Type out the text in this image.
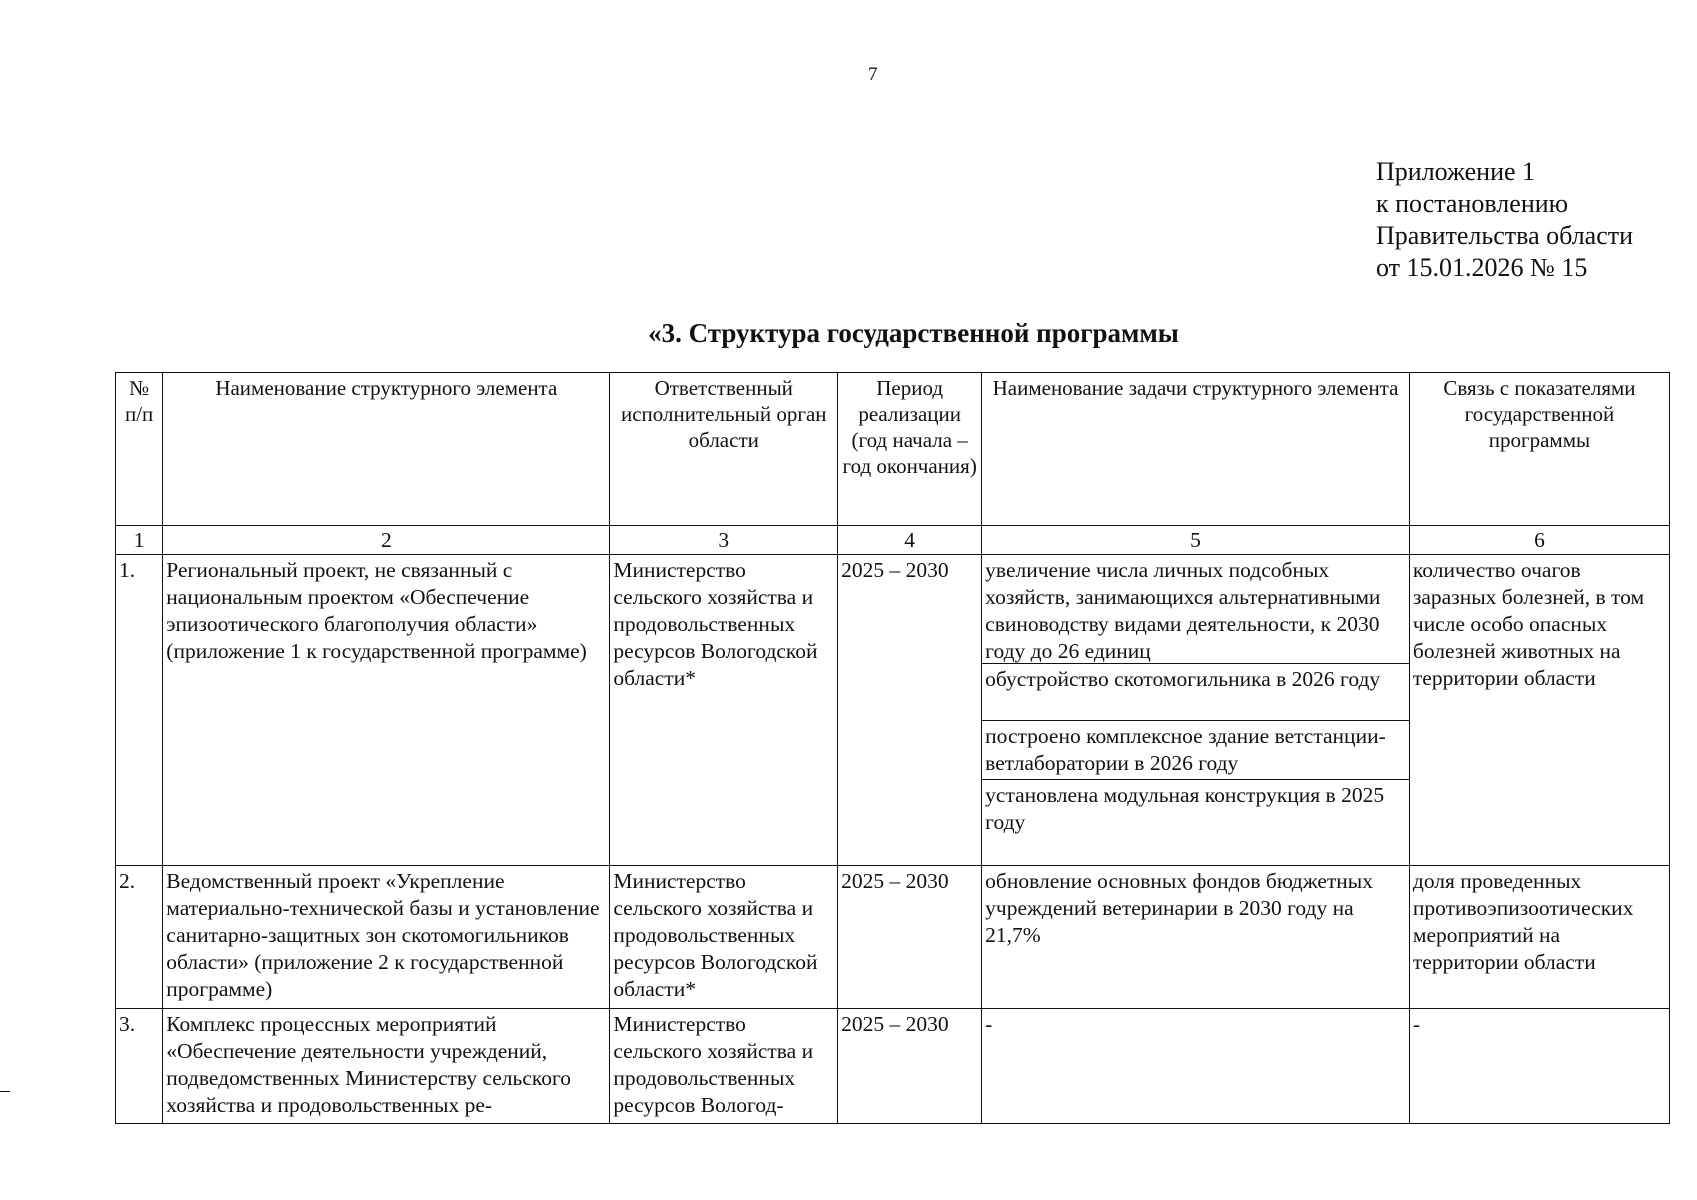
7
Приложение 1
к постановлению
Правительства области
от 15.01.2026 № 15
«3. Структура государственной программы
№ п/п	Наименование структурного элемента	Ответственный исполнительный орган области	Период реализации (год начала – год окончания)	Наименование задачи структурного элемента	Связь с показателями государственной программы
1	2	3	4	5	6
1.	Региональный проект, не связанный с национальным проектом «Обеспечение эпизоотического благополучия области» (приложение 1 к государственной программе)	Министерство сельского хозяйства и продовольственных ресурсов Вологодской области*	2025 – 2030	увеличение числа личных подсобных хозяйств, занимающихся альтернативными свиноводству видами деятельности, к 2030 году до 26 единиц
обустройство скотомогильника в 2026 году
построено комплексное здание ветстанции-ветлаборатории в 2026 году
установлена модульная конструкция в 2025 году	количество очагов заразных болезней, в том числе особо опасных болезней животных на территории области
2.	Ведомственный проект «Укрепление материально-технической базы и установление санитарно-защитных зон скотомогильников области» (приложение 2 к государственной программе)	Министерство сельского хозяйства и продовольственных ресурсов Вологодской области*	2025 – 2030	обновление основных фондов бюджетных учреждений ветеринарии в 2030 году на 21,7%	доля проведенных противоэпизоотических мероприятий на территории области
3.	Комплекс процессных мероприятий «Обеспечение деятельности учреждений, подведомственных Министерству сельского хозяйства и продовольственных ре-	Министерство сельского хозяйства и продовольственных ресурсов Вологод-	2025 – 2030	-	-
